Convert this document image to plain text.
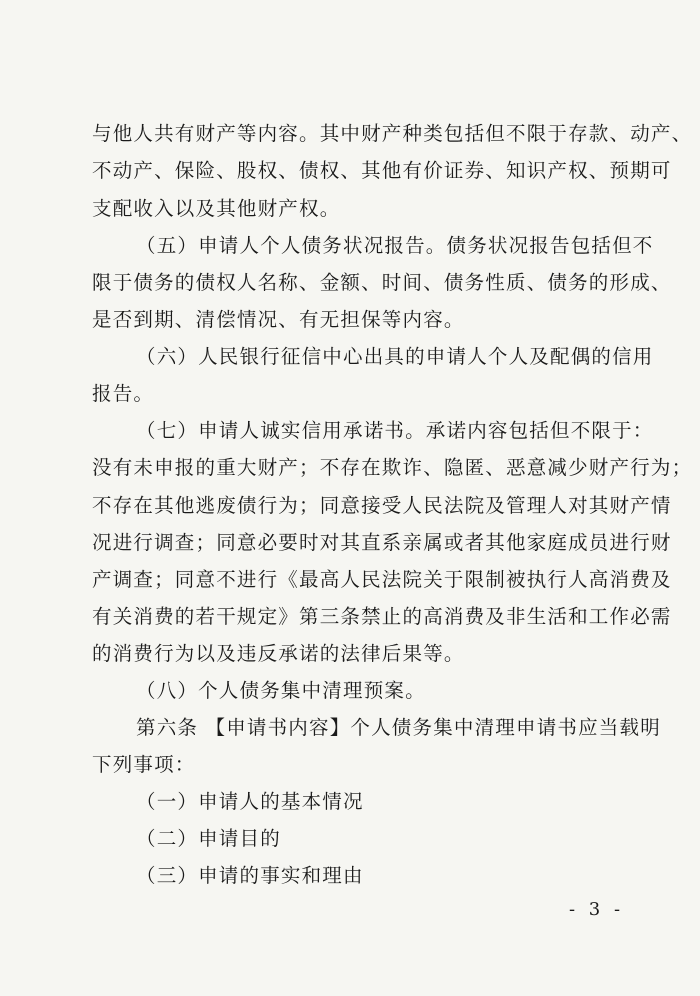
与他人共有财产等内容。其中财产种类包括但不限于存款、动产、
不动产、保险、股权、债权、其他有价证券、知识产权、预期可
支配收入以及其他财产权。
（五）申请人个人债务状况报告。债务状况报告包括但不
限于债务的债权人名称、金额、时间、债务性质、债务的形成、
是否到期、清偿情况、有无担保等内容。
（六）人民银行征信中心出具的申请人个人及配偶的信用
报告。
（七）申请人诚实信用承诺书。承诺内容包括但不限于：
没有未申报的重大财产；不存在欺诈、隐匿、恶意减少财产行为；
不存在其他逃废债行为；同意接受人民法院及管理人对其财产情
况进行调查；同意必要时对其直系亲属或者其他家庭成员进行财
产调查；同意不进行《最高人民法院关于限制被执行人高消费及
有关消费的若干规定》第三条禁止的高消费及非生活和工作必需
的消费行为以及违反承诺的法律后果等。
（八）个人债务集中清理预案。
第六条 【申请书内容】个人债务集中清理申请书应当载明
下列事项：
（一）申请人的基本情况
（二）申请目的
（三）申请的事实和理由
- 3 -
